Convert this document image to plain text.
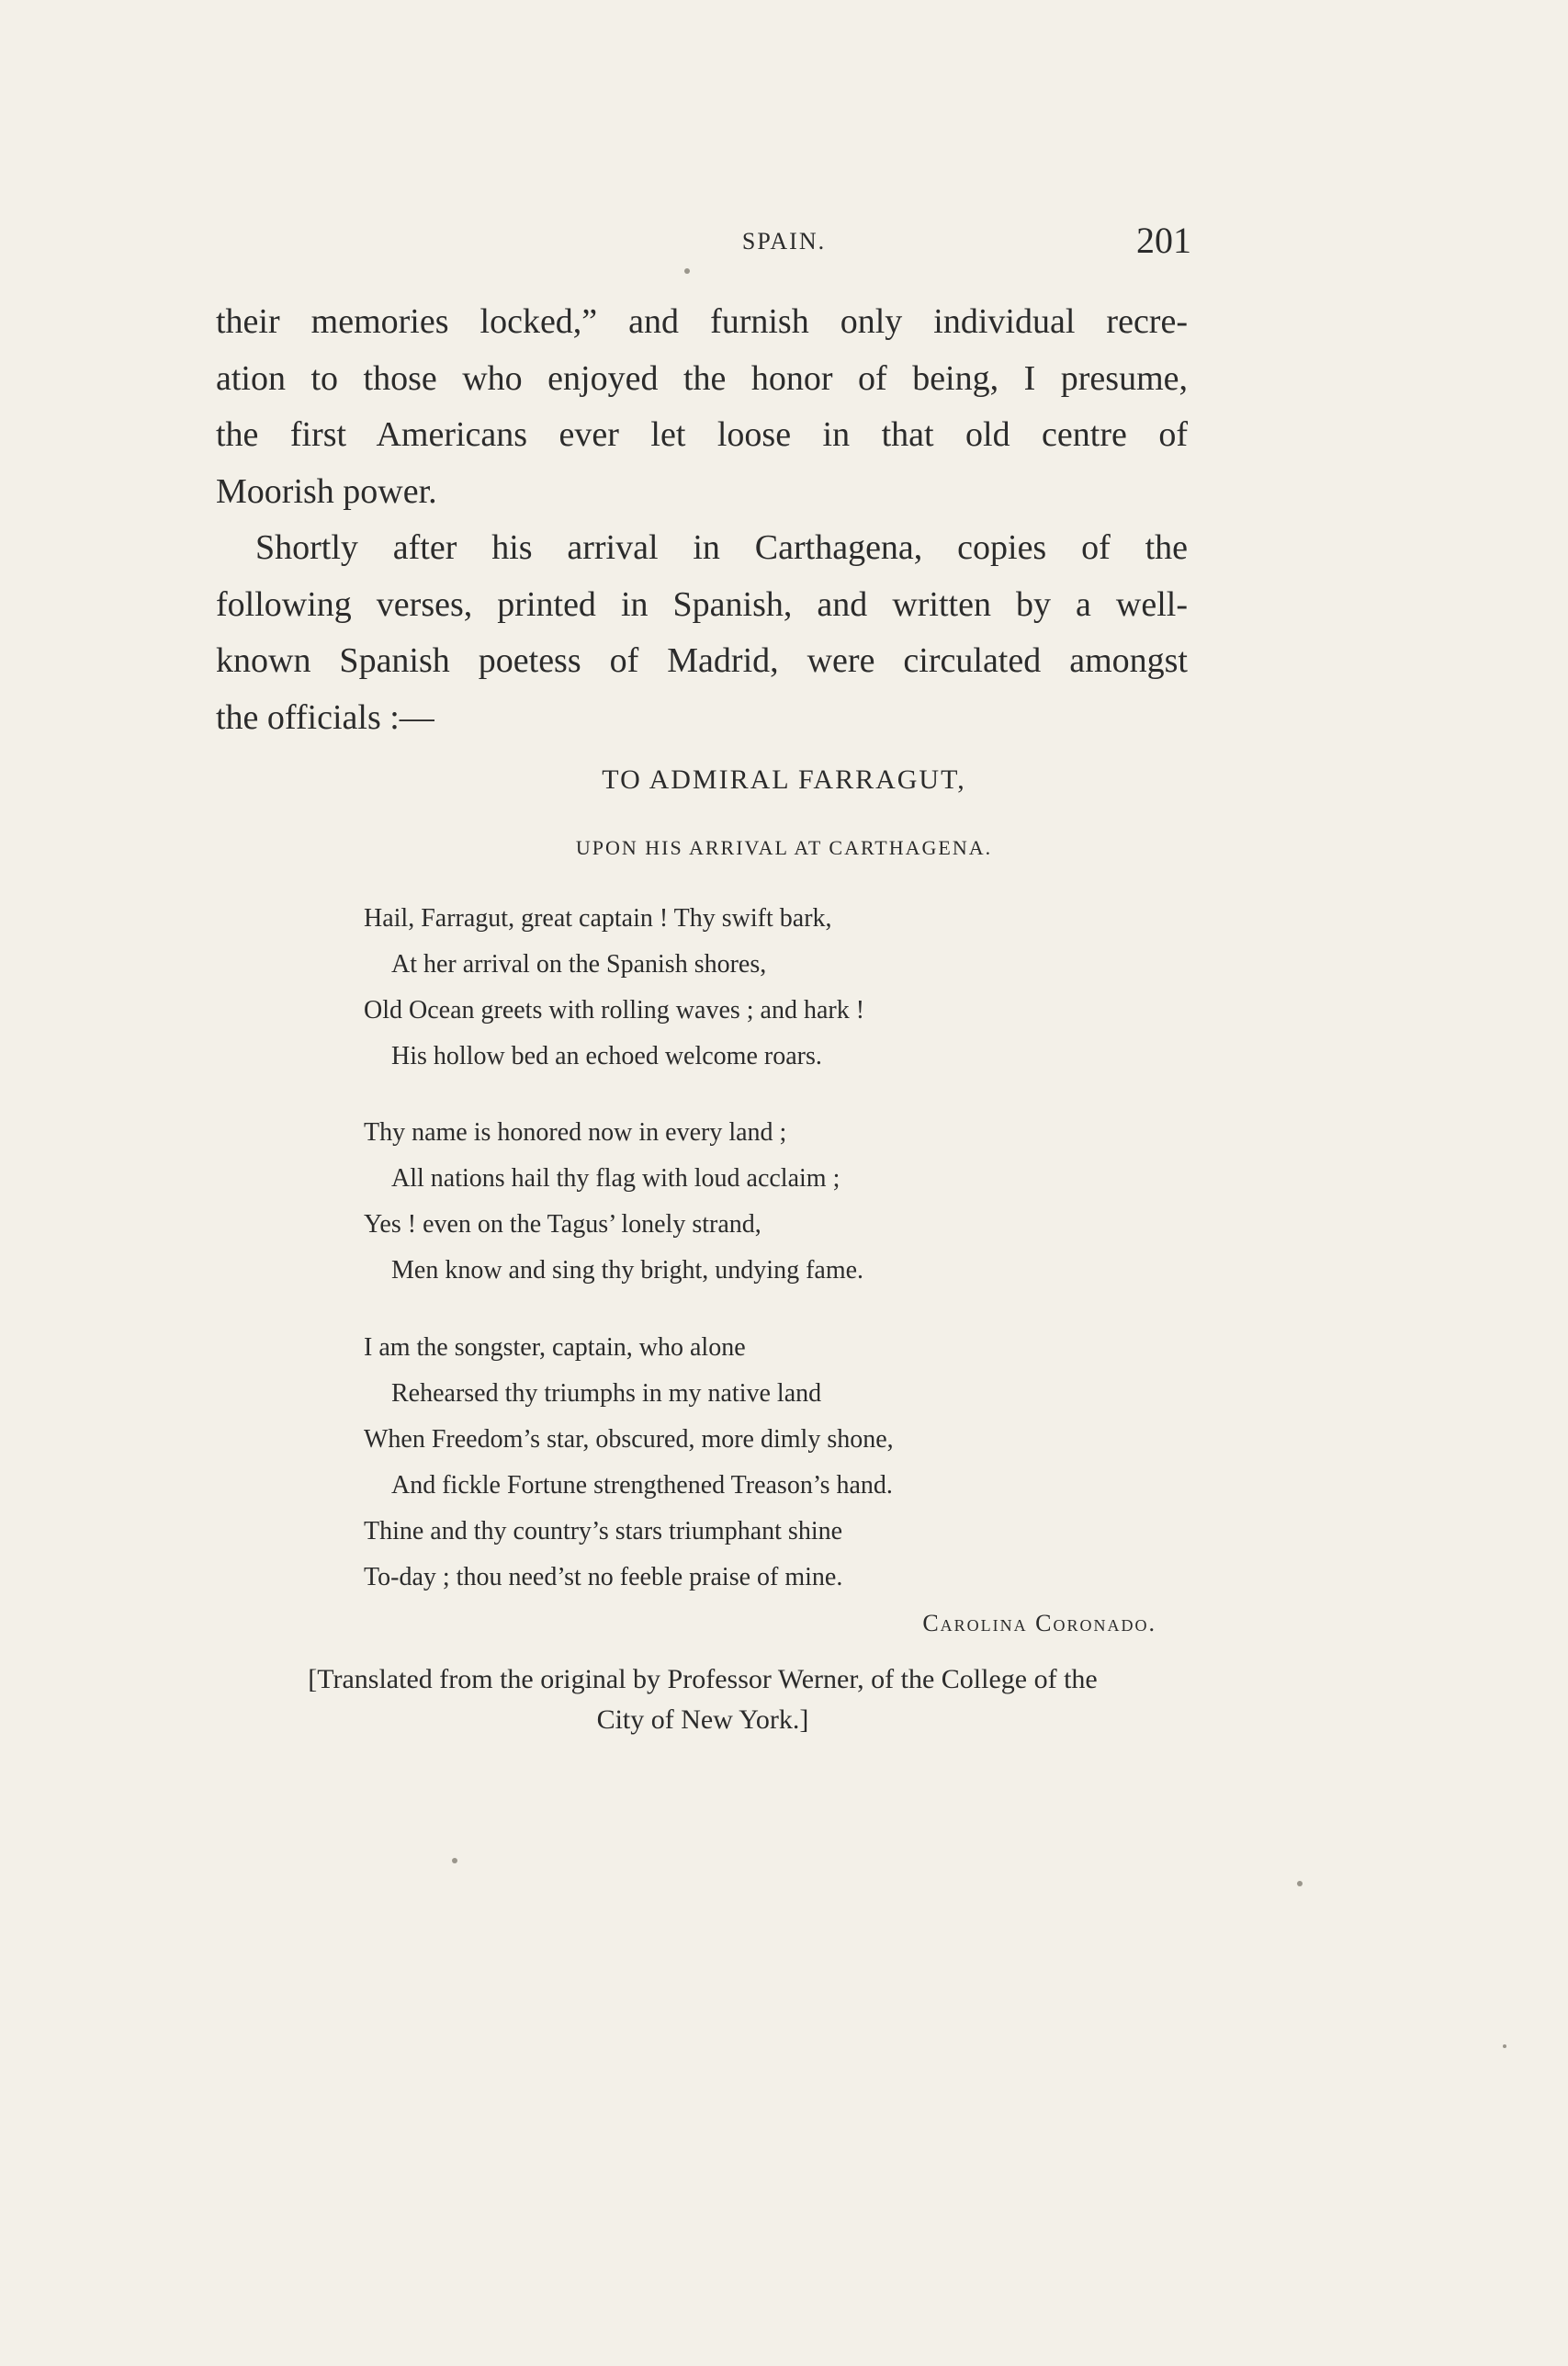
SPAIN.	201

their memories locked,” and furnish only individual recre-
ation to those who enjoyed the honor of being, I presume,
the first Americans ever let loose in that old centre of
Moorish power.

Shortly after his arrival in Carthagena, copies of the
following verses, printed in Spanish, and written by a well-
known Spanish poetess of Madrid, were circulated amongst
the officials :—

TO ADMIRAL FARRAGUT,
UPON HIS ARRIVAL AT CARTHAGENA.
Hail, Farragut, great captain ! Thy swift bark,
At her arrival on the Spanish shores,
Old Ocean greets with rolling waves ; and hark !
His hollow bed an echoed welcome roars.
Thy name is honored now in every land ;
All nations hail thy flag with loud acclaim ;
Yes ! even on the Tagus’ lonely strand,
Men know and sing thy bright, undying fame.
I am the songster, captain, who alone
Rehearsed thy triumphs in my native land
When Freedom’s star, obscured, more dimly shone,
And fickle Fortune strengthened Treason’s hand.
Thine and thy country’s stars triumphant shine
To-day ; thou need’st no feeble praise of mine.
Carolina Coronado.
[Translated from the original by Professor Werner, of the College of the
City of New York.]
